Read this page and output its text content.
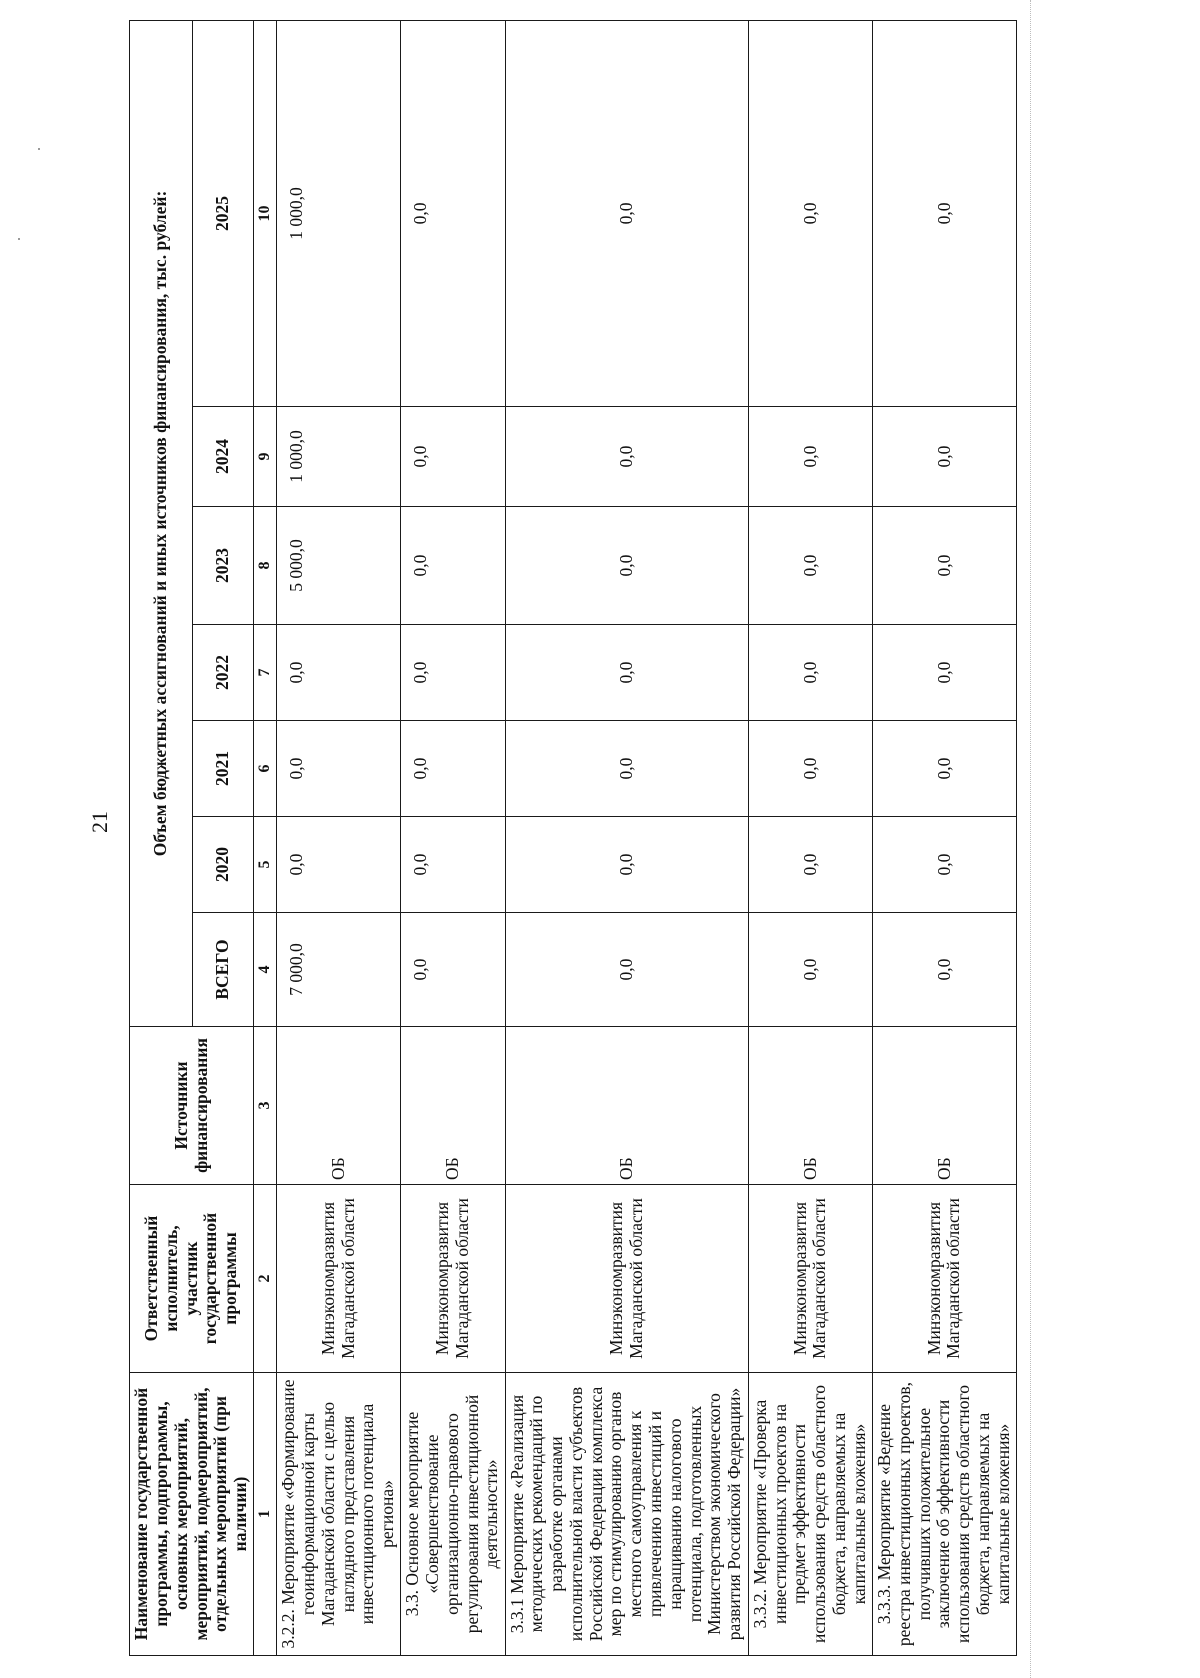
21
Наименование государственной программы, подпрограммы, основных мероприятий, мероприятий, подмероприятий, отдельных мероприятий (при наличии)	Ответственный исполнитель, участник государственной программы	Источники финансирования	Объем бюджетных ассигнований и иных источников финансирования, тыс. рублей:						
			ВСЕГО	2020	2021	2022	2023	2024	2025
1	2	3	4	5	6	7	8	9	10
3.2.2. Мероприятие «Формирование геоинформационной карты Магаданской области с целью наглядного представления инвестиционного потенциала региона»	Минэкономразвития Магаданской области	ОБ	7 000,0	0,0	0,0	0,0	5 000,0	1 000,0	1 000,0
3.3. Основное мероприятие «Совершенствование организационно-правового регулирования инвестиционной деятельности»	Минэкономразвития Магаданской области	ОБ	0,0	0,0	0,0	0,0	0,0	0,0	0,0
3.3.1 Мероприятие «Реализация методических рекомендаций по разработке органами исполнительной власти субъектов Российской Федерации комплекса мер по стимулированию органов местного самоуправления к привлечению инвестиций и наращиванию налогового потенциала, подготовленных Министерством экономического развития Российской Федерации»	Минэкономразвития Магаданской области	ОБ	0,0	0,0	0,0	0,0	0,0	0,0	0,0
3.3.2. Мероприятие «Проверка инвестиционных проектов на предмет эффективности использования средств областного бюджета, направляемых на капитальные вложения»	Минэкономразвития Магаданской области	ОБ	0,0	0,0	0,0	0,0	0,0	0,0	0,0
3.3.3. Мероприятие «Ведение реестра инвестиционных проектов, получивших положительное заключение об эффективности использования средств областного бюджета, направляемых на капитальные вложения»	Минэкономразвития Магаданской области	ОБ	0,0	0,0	0,0	0,0	0,0	0,0	0,0
